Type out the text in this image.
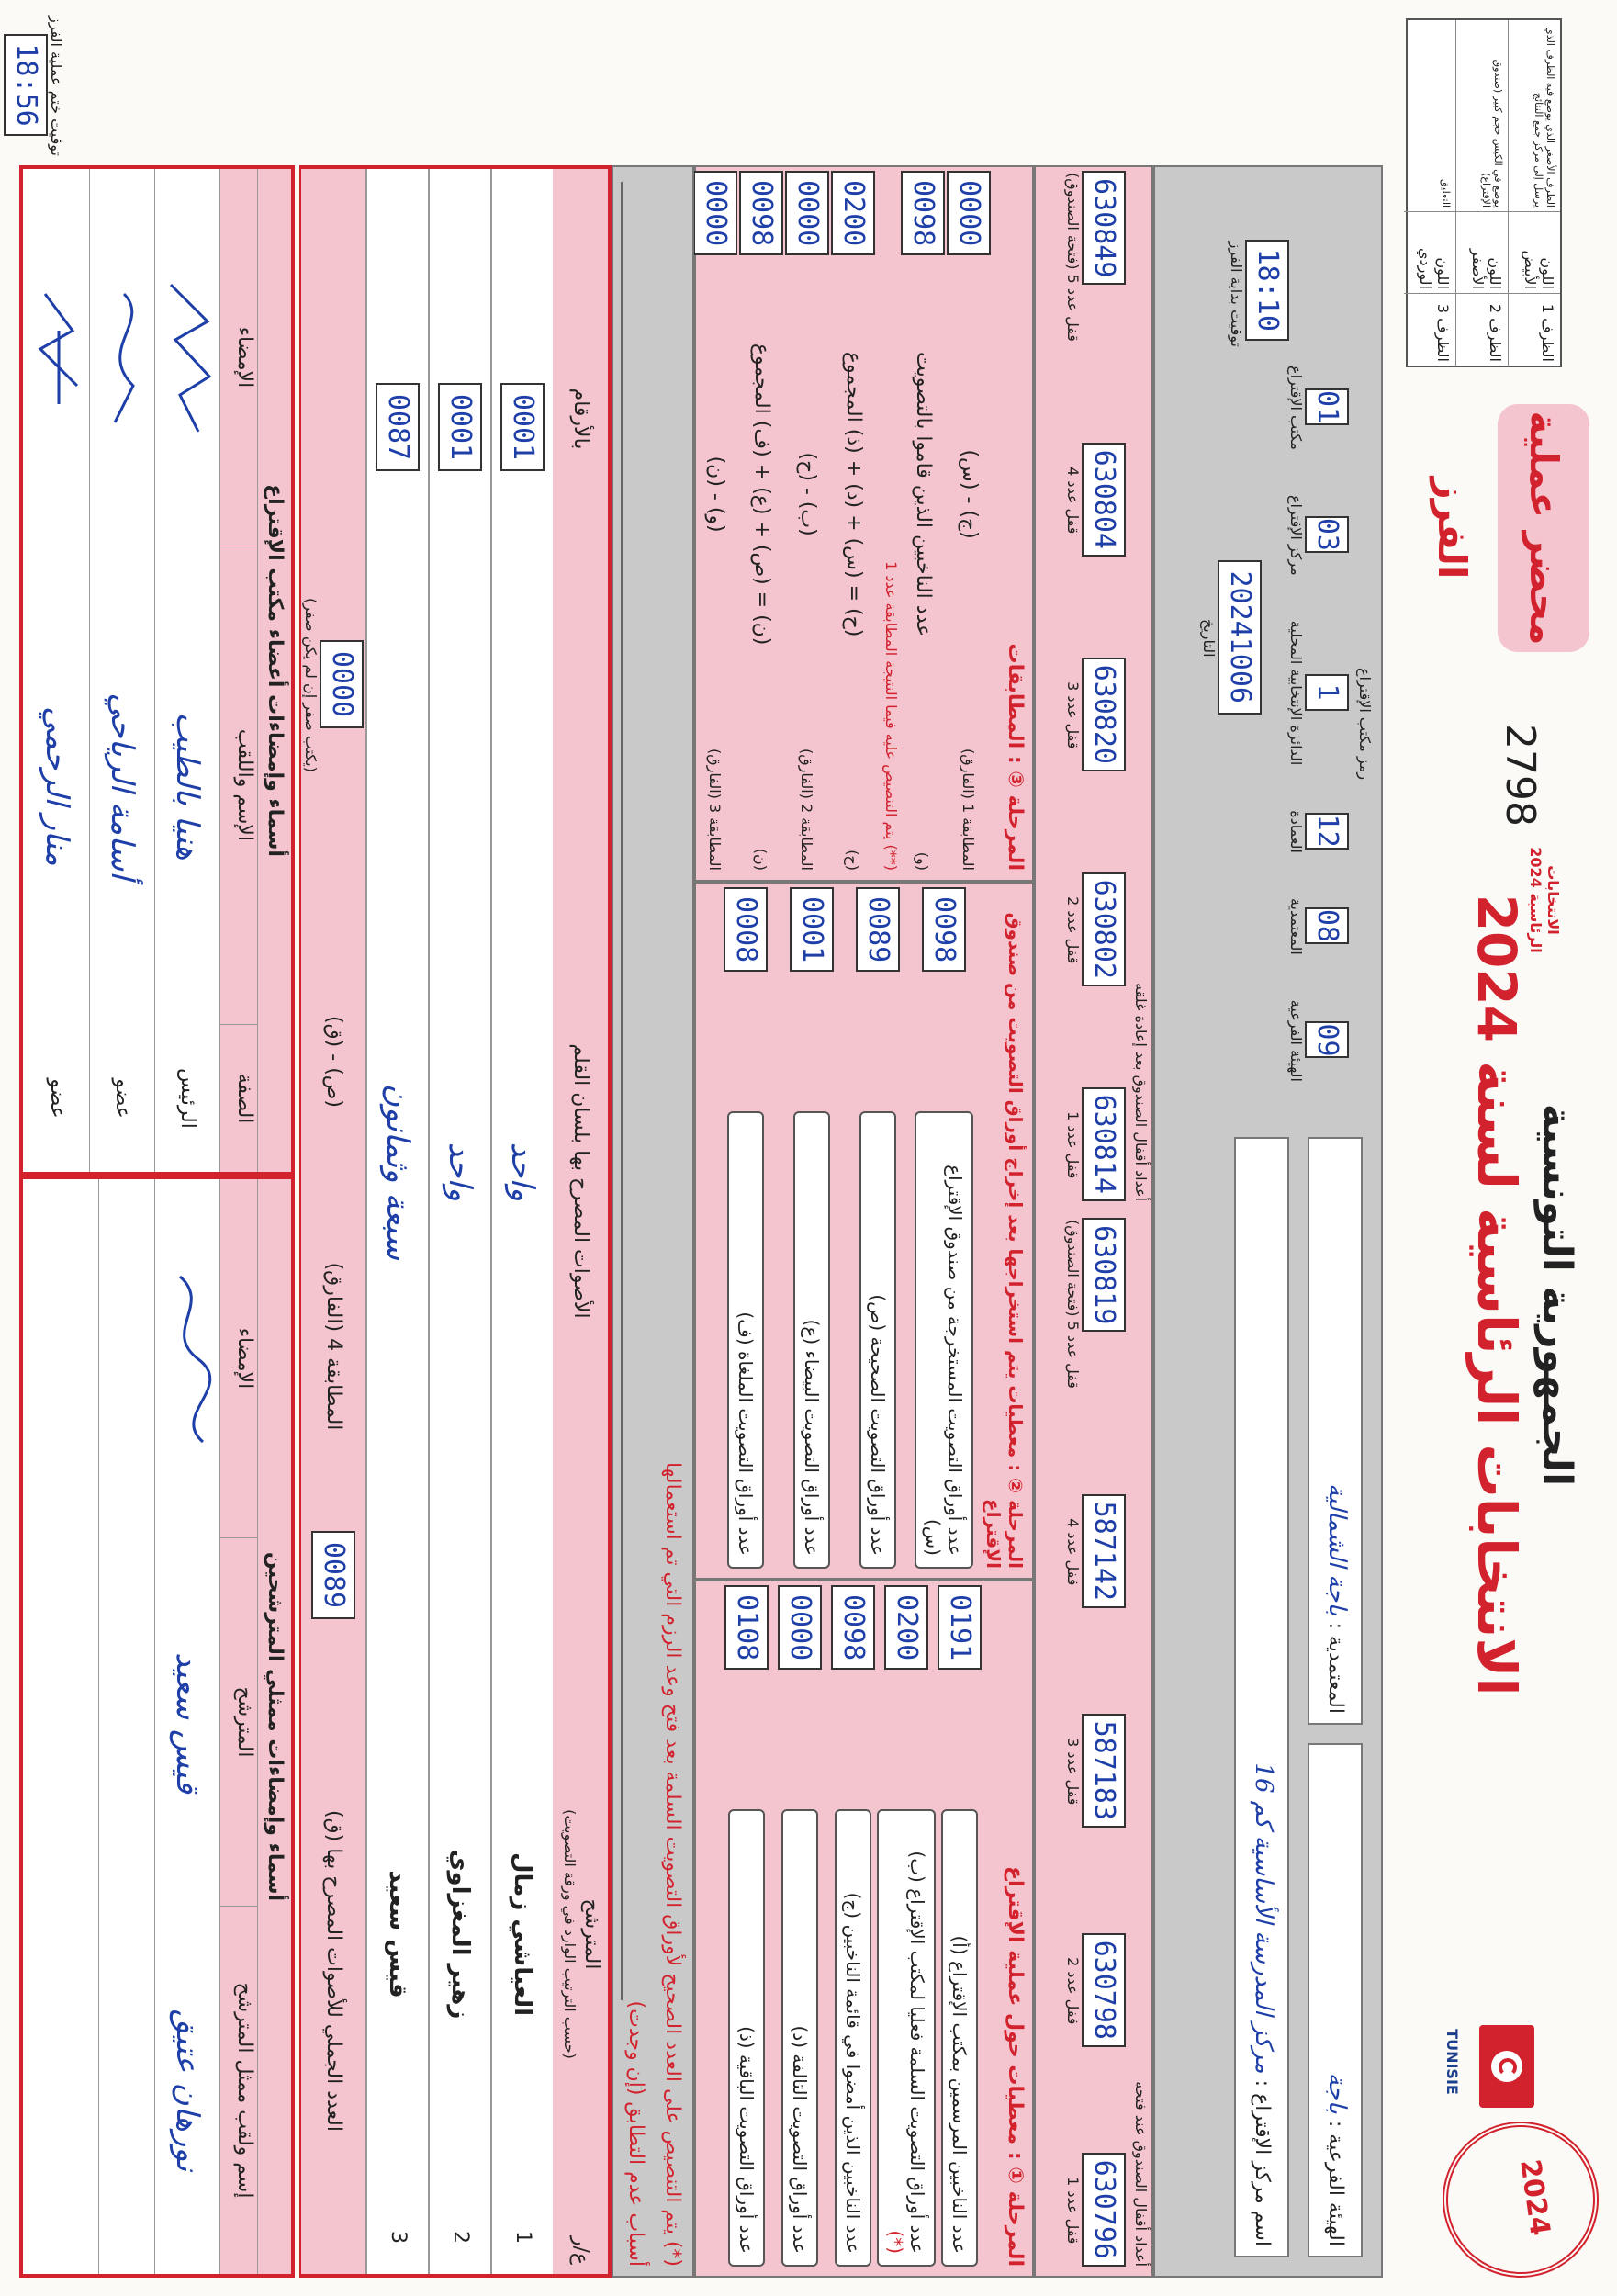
2024
TUNISIE
الجمهورية التونسية
الانتخابات الرئاسية لسنة 2024
الانتخابات الرئاسية 2024
2798
محضر عملية الفرز
الظرف 1
اللون الأبيض
الظرف الأصغر الذي يوضع فيه الظرف الذي يرسل إلى مركز جمع النتائج
الظرف 2
اللون الأصفر
يوضع في الكيس حجم كبير (صندوق الإقتراع)
الظرف 3
اللون الوردي
التعليق
الهيئة الفرعية : باجة
المعتمدية : باجة الشمالية
اسم مركز الإقتراع : مركز المدرسة الأساسية كم 16
رمز مكتب الإقتراع
09
الهيئة الفرعية
08
المعتمدية
12
العمادة
1
الدائرة الإنتخابية المحلية
03
مركز الإقتراع
01
مكتب الإقتراع
20241006
التاريخ
18:10
توقيت بداية الفرز
أعداد أقفال الصندوق عند فتحه
أعداد أقفال الصندوق بعد إعادة غلقه
630796
قفل عدد 1
630798
قفل عدد 2
587183
قفل عدد 3
587142
قفل عدد 4
630819
قفل عدد 5 (فتحة الصندوق)
630814
قفل عدد 1
630802
قفل عدد 2
630820
قفل عدد 3
630804
قفل عدد 4
630849
قفل عدد 5 (فتحة الصندوق)
المرحلة ① : معطيات حول عملية الإقتراع
عدد الناخبين المرسمين بمكتب الإقتراع (أ)
0191
عدد أوراق التصويت السلمة فعليا لمكتب الإقتراع (ب) (*)
0200
عدد الناخبين الذين أمضوا في قائمة الناخبين (ج)
0098
عدد أوراق التصويت التالفة (د)
0000
عدد أوراق التصويت الباقية (ذ)
0108
المرحلة ② : معطيات يتم استخراجها بعد إخراج أوراق التصويت من صندوق الإقتراع
عدد أوراق التصويت المستخرجة من صندوق الإقتراع (س)
0098
عدد أوراق التصويت الصحيحة (ص)
0089
عدد أوراق التصويت البيضاء (ع)
0001
عدد أوراق التصويت الملغاة (ف)
0008
المرحلة ③ : المطابقات
المطابقة 1 (الفارق)
(ج) - (س)
0000
(و)
عدد الناخبين الذين قاموا بالتصويت
0098
(**) يتم التنصيص عليه فيما النتيجة المطابقة عدد 1
(ح)
(ح) = (س) + (د) + (ذ) المجموع
0200
المطابقة 2 (الفارق)
(ب) - (ح)
0000
(ن)
(ن) = (ص) + (ع) + (ف) المجموع
0098
المطابقة 3 (الفارق)
(و) - (ن)
0000
(*) يتم التنصيص على العدد الصحيح لأوراق التصويت السلمة بعد فتح وعد الرزم التي تم استعمالها
أسباب عدم التطابق (إن وجدت)
ع/ر
المترشح
(حسب الترتيب الوارد في ورقة التصويت)
الأصوات المصرح بها بلسان القلم
بالأرقام
1
العياشي زمال
واحد
0001
2
زهير المغزاوي
واحد
0001
3
قيس سعيد
سبعة وثمانون
0087
العدد الجملي للأصوات المصرح بها (ق)
0089
المطابقة 4 (الفارق)
(ص) - (ق)
0000
(يكتب صفر إن لم يكن صفر)
أسماء وإمضاءات ممثلي المترشحين
إسم ولقب ممثل المترشح
المترشح
الإمضاء
نورهان عتيق
قيس سعيد
أسماء وإمضاءات أعضاء مكتب الإقتراع
الصفة
الإسم واللقب
الإمضاء
الرئيس
هنيا بالطيب
عضو
أسامة الرياحي
عضو
منار الرحمي
توقيت ختم عملية الفرز
18:56
